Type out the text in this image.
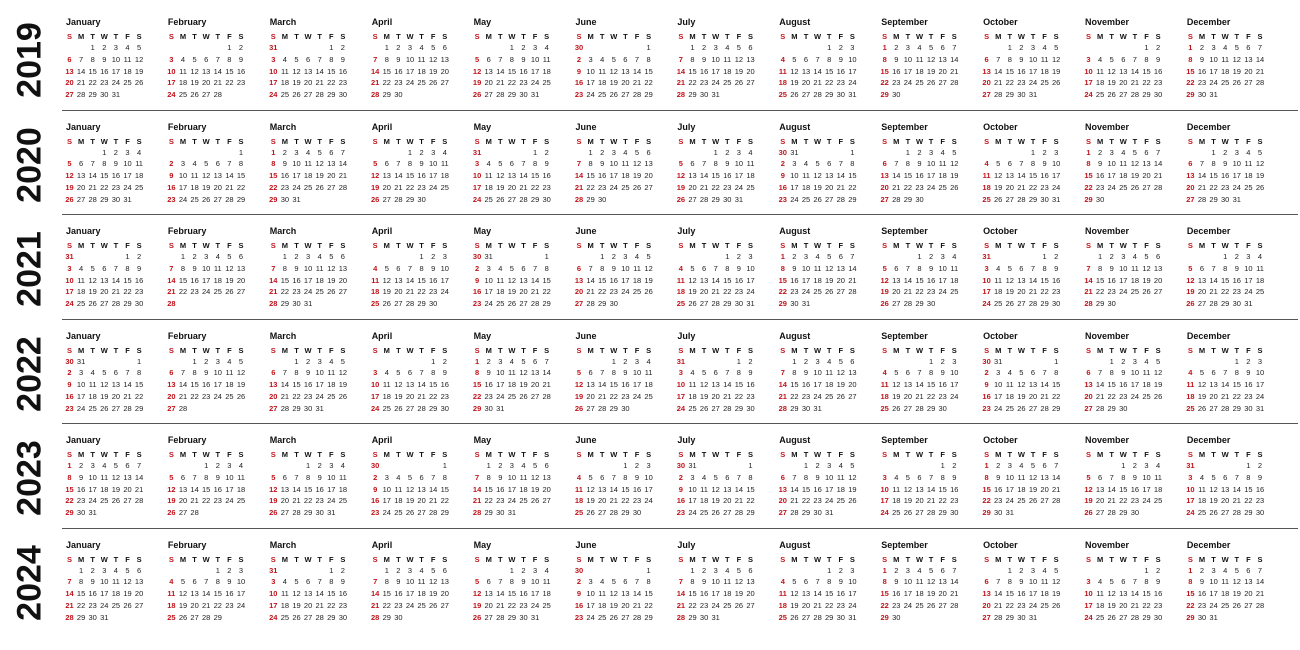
2019
January
S M T W T F S
1 2 3 4 5
6 7 8 9 10 11 12
13 14 15 16 17 18 19
20 21 22 23 24 25 26
27 28 29 30 31
February
S M T W T F S
1 2
3 4 5 6 7 8 9
10 11 12 13 14 15 16
17 18 19 20 21 22 23
24 25 26 27 28
March
S M T W T F S
1 2
3 4 5 6 7 8 9
10 11 12 13 14 15 16
17 18 19 20 21 22 23
24 25 26 27 28 29 30
31
April
S M T W T F S
1 2 3 4 5 6
7 8 9 10 11 12 13
14 15 16 17 18 19 20
21 22 23 24 25 26 27
28 29 30
May
S M T W T F S
1 2 3 4
5 6 7 8 9 10 11
12 13 14 15 16 17 18
19 20 21 22 23 24 25
26 27 28 29 30 31
June
S M T W T F S
1
2 3 4 5 6 7 8
9 10 11 12 13 14 15
16 17 18 19 20 21 22
23 24 25 26 27 28 29
30
July
S M T W T F S
1 2 3 4 5 6
7 8 9 10 11 12 13
14 15 16 17 18 19 20
21 22 23 24 25 26 27
28 29 30 31
August
S M T W T F S
1 2 3
4 5 6 7 8 9 10
11 12 13 14 15 16 17
18 19 20 21 22 23 24
25 26 27 28 29 30 31
September
S M T W T F S
1 2 3 4 5 6 7
8 9 10 11 12 13 14
15 16 17 18 19 20 21
22 23 24 25 26 27 28
29 30
October
S M T W T F S
1 2 3 4 5
6 7 8 9 10 11 12
13 14 15 16 17 18 19
20 21 22 23 24 25 26
27 28 29 30 31
November
S M T W T F S
1 2
3 4 5 6 7 8 9
10 11 12 13 14 15 16
17 18 19 20 21 22 23
24 25 26 27 28 29 30
December
S M T W T F S
1 2 3 4 5 6 7
8 9 10 11 12 13 14
15 16 17 18 19 20 21
22 23 24 25 26 27 28
29 30 31
2020
January
S M T W T F S
1 2 3 4
5 6 7 8 9 10 11
12 13 14 15 16 17 18
19 20 21 22 23 24 25
26 27 28 29 30 31
February
S M T W T F S
1
2 3 4 5 6 7 8
9 10 11 12 13 14 15
16 17 18 19 20 21 22
23 24 25 26 27 28 29
March
S M T W T F S
1 2 3 4 5 6 7
8 9 10 11 12 13 14
15 16 17 18 19 20 21
22 23 24 25 26 27 28
29 30 31
April
S M T W T F S
1 2 3 4
5 6 7 8 9 10 11
12 13 14 15 16 17 18
19 20 21 22 23 24 25
26 27 28 29 30
May
S M T W T F S
1 2
3 4 5 6 7 8 9
10 11 12 13 14 15 16
17 18 19 20 21 22 23
24 25 26 27 28 29 30
31
June
S M T W T F S
1 2 3 4 5 6
7 8 9 10 11 12 13
14 15 16 17 18 19 20
21 22 23 24 25 26 27
28 29 30
July
S M T W T F S
1 2 3 4
5 6 7 8 9 10 11
12 13 14 15 16 17 18
19 20 21 22 23 24 25
26 27 28 29 30 31
August
S M T W T F S
1
2 3 4 5 6 7 8
9 10 11 12 13 14 15
16 17 18 19 20 21 22
23 24 25 26 27 28 29
30 31
September
S M T W T F S
1 2 3 4 5
6 7 8 9 10 11 12
13 14 15 16 17 18 19
20 21 22 23 24 25 26
27 28 29 30
October
S M T W T F S
1 2 3
4 5 6 7 8 9 10
11 12 13 14 15 16 17
18 19 20 21 22 23 24
25 26 27 28 29 30 31
November
S M T W T F S
1 2 3 4 5 6 7
8 9 10 11 12 13 14
15 16 17 18 19 20 21
22 23 24 25 26 27 28
29 30
December
S M T W T F S
1 2 3 4 5
6 7 8 9 10 11 12
13 14 15 16 17 18 19
20 21 22 23 24 25 26
27 28 29 30 31
2021
January
S M T W T F S
1 2
3 4 5 6 7 8 9
10 11 12 13 14 15 16
17 18 19 20 21 22 23
24 25 26 27 28 29 30
31
February
S M T W T F S
1 2 3 4 5 6
7 8 9 10 11 12 13
14 15 16 17 18 19 20
21 22 23 24 25 26 27
28
March
S M T W T F S
1 2 3 4 5 6
7 8 9 10 11 12 13
14 15 16 17 18 19 20
21 22 23 24 25 26 27
28 29 30 31
April
S M T W T F S
1 2 3
4 5 6 7 8 9 10
11 12 13 14 15 16 17
18 19 20 21 22 23 24
25 26 27 28 29 30
May
S M T W T F S
1
2 3 4 5 6 7 8
9 10 11 12 13 14 15
16 17 18 19 20 21 22
23 24 25 26 27 28 29
30 31
June
S M T W T F S
1 2 3 4 5
6 7 8 9 10 11 12
13 14 15 16 17 18 19
20 21 22 23 24 25 26
27 28 29 30
July
S M T W T F S
1 2 3
4 5 6 7 8 9 10
11 12 13 14 15 16 17
18 19 20 21 22 23 24
25 26 27 28 29 30 31
August
S M T W T F S
1 2 3 4 5 6 7
8 9 10 11 12 13 14
15 16 17 18 19 20 21
22 23 24 25 26 27 28
29 30 31
September
S M T W T F S
1 2 3 4
5 6 7 8 9 10 11
12 13 14 15 16 17 18
19 20 21 22 23 24 25
26 27 28 29 30
October
S M T W T F S
1 2
3 4 5 6 7 8 9
10 11 12 13 14 15 16
17 18 19 20 21 22 23
24 25 26 27 28 29 30
31
November
S M T W T F S
1 2 3 4 5 6
7 8 9 10 11 12 13
14 15 16 17 18 19 20
21 22 23 24 25 26 27
28 29 30
December
S M T W T F S
1 2 3 4
5 6 7 8 9 10 11
12 13 14 15 16 17 18
19 20 21 22 23 24 25
26 27 28 29 30 31
2022
January
S M T W T F S
1
2 3 4 5 6 7 8
9 10 11 12 13 14 15
16 17 18 19 20 21 22
23 24 25 26 27 28 29
30 31
February
S M T W T F S
1 2 3 4 5
6 7 8 9 10 11 12
13 14 15 16 17 18 19
20 21 22 23 24 25 26
27 28
March
S M T W T F S
1 2 3 4 5
6 7 8 9 10 11 12
13 14 15 16 17 18 19
20 21 22 23 24 25 26
27 28 29 30 31
April
S M T W T F S
1 2
3 4 5 6 7 8 9
10 11 12 13 14 15 16
17 18 19 20 21 22 23
24 25 26 27 28 29 30
May
S M T W T F S
1 2 3 4 5 6 7
8 9 10 11 12 13 14
15 16 17 18 19 20 21
22 23 24 25 26 27 28
29 30 31
June
S M T W T F S
1 2 3 4
5 6 7 8 9 10 11
12 13 14 15 16 17 18
19 20 21 22 23 24 25
26 27 28 29 30
July
S M T W T F S
1 2
3 4 5 6 7 8 9
10 11 12 13 14 15 16
17 18 19 20 21 22 23
24 25 26 27 28 29 30
31
August
S M T W T F S
1 2 3 4 5 6
7 8 9 10 11 12 13
14 15 16 17 18 19 20
21 22 23 24 25 26 27
28 29 30 31
September
S M T W T F S
1 2 3
4 5 6 7 8 9 10
11 12 13 14 15 16 17
18 19 20 21 22 23 24
25 26 27 28 29 30
October
S M T W T F S
1
2 3 4 5 6 7 8
9 10 11 12 13 14 15
16 17 18 19 20 21 22
23 24 25 26 27 28 29
30 31
November
S M T W T F S
1 2 3 4 5
6 7 8 9 10 11 12
13 14 15 16 17 18 19
20 21 22 23 24 25 26
27 28 29 30
December
S M T W T F S
1 2 3
4 5 6 7 8 9 10
11 12 13 14 15 16 17
18 19 20 21 22 23 24
25 26 27 28 29 30 31
2023
January
S M T W T F S
1 2 3 4 5 6 7
8 9 10 11 12 13 14
15 16 17 18 19 20 21
22 23 24 25 26 27 28
29 30 31
February
S M T W T F S
1 2 3 4
5 6 7 8 9 10 11
12 13 14 15 16 17 18
19 20 21 22 23 24 25
26 27 28
March
S M T W T F S
1 2 3 4
5 6 7 8 9 10 11
12 13 14 15 16 17 18
19 20 21 22 23 24 25
26 27 28 29 30 31
April
S M T W T F S
1
2 3 4 5 6 7 8
9 10 11 12 13 14 15
16 17 18 19 20 21 22
23 24 25 26 27 28 29
30
May
S M T W T F S
1 2 3 4 5 6
7 8 9 10 11 12 13
14 15 16 17 18 19 20
21 22 23 24 25 26 27
28 29 30 31
June
S M T W T F S
1 2 3
4 5 6 7 8 9 10
11 12 13 14 15 16 17
18 19 20 21 22 23 24
25 26 27 28 29 30
July
S M T W T F S
1
2 3 4 5 6 7 8
9 10 11 12 13 14 15
16 17 18 19 20 21 22
23 24 25 26 27 28 29
30 31
August
S M T W T F S
1 2 3 4 5
6 7 8 9 10 11 12
13 14 15 16 17 18 19
20 21 22 23 24 25 26
27 28 29 30 31
September
S M T W T F S
1 2
3 4 5 6 7 8 9
10 11 12 13 14 15 16
17 18 19 20 21 22 23
24 25 26 27 28 29 30
October
S M T W T F S
1 2 3 4 5 6 7
8 9 10 11 12 13 14
15 16 17 18 19 20 21
22 23 24 25 26 27 28
29 30 31
November
S M T W T F S
1 2 3 4
5 6 7 8 9 10 11
12 13 14 15 16 17 18
19 20 21 22 23 24 25
26 27 28 29 30
December
S M T W T F S
1 2
3 4 5 6 7 8 9
10 11 12 13 14 15 16
17 18 19 20 21 22 23
24 25 26 27 28 29 30
31
2024
January
S M T W T F S
1 2 3 4 5 6
7 8 9 10 11 12 13
14 15 16 17 18 19 20
21 22 23 24 25 26 27
28 29 30 31
February
S M T W T F S
1 2 3
4 5 6 7 8 9 10
11 12 13 14 15 16 17
18 19 20 21 22 23 24
25 26 27 28 29
March
S M T W T F S
1 2
3 4 5 6 7 8 9
10 11 12 13 14 15 16
17 18 19 20 21 22 23
24 25 26 27 28 29 30
31
April
S M T W T F S
1 2 3 4 5 6
7 8 9 10 11 12 13
14 15 16 17 18 19 20
21 22 23 24 25 26 27
28 29 30
May
S M T W T F S
1 2 3 4
5 6 7 8 9 10 11
12 13 14 15 16 17 18
19 20 21 22 23 24 25
26 27 28 29 30 31
June
S M T W T F S
1
2 3 4 5 6 7 8
9 10 11 12 13 14 15
16 17 18 19 20 21 22
23 24 25 26 27 28 29
30
July
S M T W T F S
1 2 3 4 5 6
7 8 9 10 11 12 13
14 15 16 17 18 19 20
21 22 23 24 25 26 27
28 29 30 31
August
S M T W T F S
1 2 3
4 5 6 7 8 9 10
11 12 13 14 15 16 17
18 19 20 21 22 23 24
25 26 27 28 29 30 31
September
S M T W T F S
1 2 3 4 5 6 7
8 9 10 11 12 13 14
15 16 17 18 19 20 21
22 23 24 25 26 27 28
29 30
October
S M T W T F S
1 2 3 4 5
6 7 8 9 10 11 12
13 14 15 16 17 18 19
20 21 22 23 24 25 26
27 28 29 30 31
November
S M T W T F S
1 2
3 4 5 6 7 8 9
10 11 12 13 14 15 16
17 18 19 20 21 22 23
24 25 26 27 28 29 30
December
S M T W T F S
1 2 3 4 5 6 7
8 9 10 11 12 13 14
15 16 17 18 19 20 21
22 23 24 25 26 27 28
29 30 31
